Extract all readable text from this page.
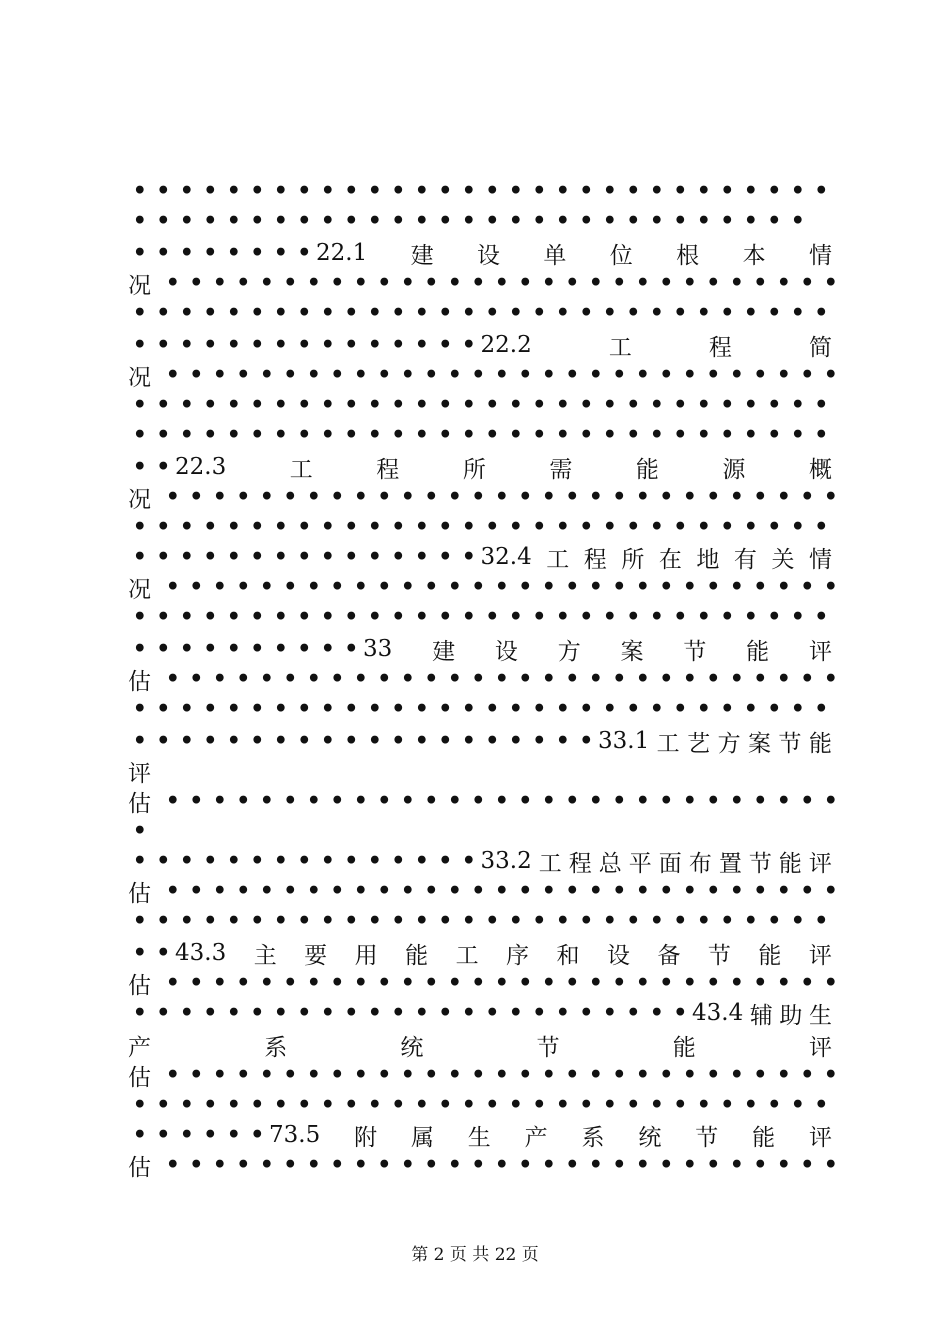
• • • • • • • • • • • • • • • • • • • • • • • • • • • • • •
• • • • • • • • • • • • • • • • • • • • • • • • • • • • •
• • • • • • • • 22.1 建 设 单 位 根 本 情
况 • • • • • • • • • • • • • • • • • • • • • • • • • • • • •
• • • • • • • • • • • • • • • • • • • • • • • • • • • • • •
• • • • • • • • • • • • • • • 22.2	工	程	简
况 • • • • • • • • • • • • • • • • • • • • • • • • • • • • •
• • • • • • • • • • • • • • • • • • • • • • • • • • • • • •
• • • • • • • • • • • • • • • • • • • • • • • • • • • • • •
• • 22.3	工	程	所	需	能	源	概
况 • • • • • • • • • • • • • • • • • • • • • • • • • • • • •
• • • • • • • • • • • • • • • • • • • • • • • • • • • • • •
• • • • • • • • • • • • • • • 32.4 工 程 所 在 地 有 关 情
况 • • • • • • • • • • • • • • • • • • • • • • • • • • • • •
• • • • • • • • • • • • • • • • • • • • • • • • • • • • • •
• • • • • • • • • • 33 建 设 方 案 节 能 评
估 • • • • • • • • • • • • • • • • • • • • • • • • • • • • •
• • • • • • • • • • • • • • • • • • • • • • • • • • • • • •
• • • • • • • • • • • • • • • • • • • • 33.1 工 艺 方 案 节 能
评
估 • • • • • • • • • • • • • • • • • • • • • • • • • • • • •
•
• • • • • • • • • • • • • • • 33.2 工 程 总 平 面 布 置 节 能 评
估 • • • • • • • • • • • • • • • • • • • • • • • • • • • • •
• • • • • • • • • • • • • • • • • • • • • • • • • • • • • •
• • 43.3 主 要 用 能 工 序 和 设 备 节 能 评
估 • • • • • • • • • • • • • • • • • • • • • • • • • • • • •
• • • • • • • • • • • • • • • • • • • • • • • • 43.4 辅 助 生
产	系	统	节	能	评
估 • • • • • • • • • • • • • • • • • • • • • • • • • • • • •
• • • • • • • • • • • • • • • • • • • • • • • • • • • • • •
• • • • • • 73.5 附 属 生 产 系 统 节 能 评
估 • • • • • • • • • • • • • • • • • • • • • • • • • • • • •
第 2 页 共 22 页
